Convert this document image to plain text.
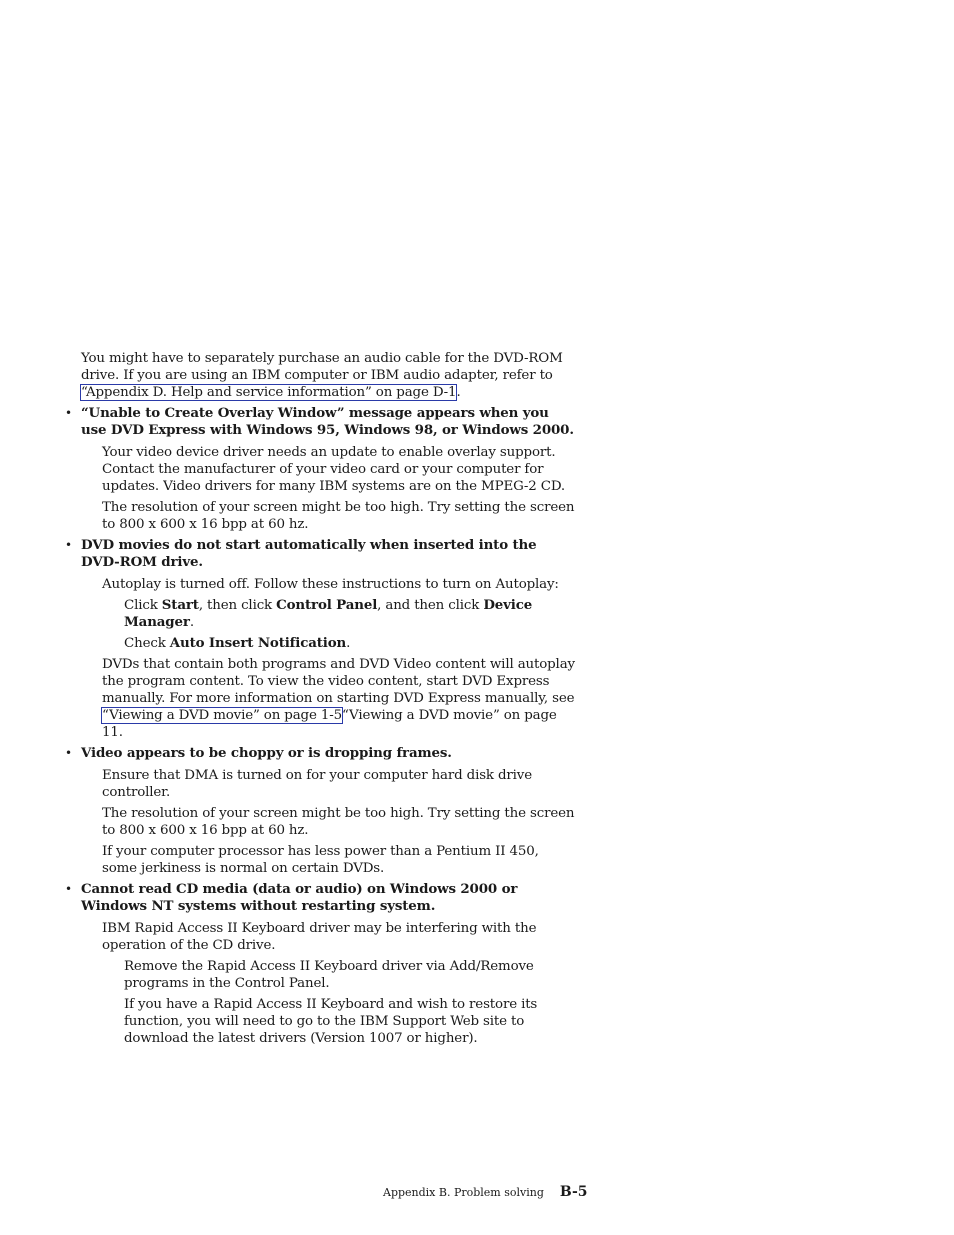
You might have to separately purchase an audio cable for the DVD-ROM drive. If you are using an IBM computer or IBM audio adapter, refer to “Appendix D. Help and service information” on page D-1.

• “Unable to Create Overlay Window” message appears when you use DVD Express with Windows 95, Windows 98, or Windows 2000.

Your video device driver needs an update to enable overlay support. Contact the manufacturer of your video card or your computer for updates. Video drivers for many IBM systems are on the MPEG-2 CD.

The resolution of your screen might be too high. Try setting the screen to 800 x 600 x 16 bpp at 60 hz.

• DVD movies do not start automatically when inserted into the DVD-ROM drive.

Autoplay is turned off. Follow these instructions to turn on Autoplay:

Click Start, then click Control Panel, and then click Device Manager.

Check Auto Insert Notification.

DVDs that contain both programs and DVD Video content will autoplay the program content. To view the video content, start DVD Express manually. For more information on starting DVD Express manually, see “Viewing a DVD movie” on page 1-5“Viewing a DVD movie” on page 11.

• Video appears to be choppy or is dropping frames.

Ensure that DMA is turned on for your computer hard disk drive controller.

The resolution of your screen might be too high. Try setting the screen to 800 x 600 x 16 bpp at 60 hz.

If your computer processor has less power than a Pentium II 450, some jerkiness is normal on certain DVDs.

• Cannot read CD media (data or audio) on Windows 2000 or Windows NT systems without restarting system.

IBM Rapid Access II Keyboard driver may be interfering with the operation of the CD drive.

Remove the Rapid Access II Keyboard driver via Add/Remove programs in the Control Panel.

If you have a Rapid Access II Keyboard and wish to restore its function, you will need to go to the IBM Support Web site to download the latest drivers (Version 1007 or higher).

Appendix B. Problem solving B-5
